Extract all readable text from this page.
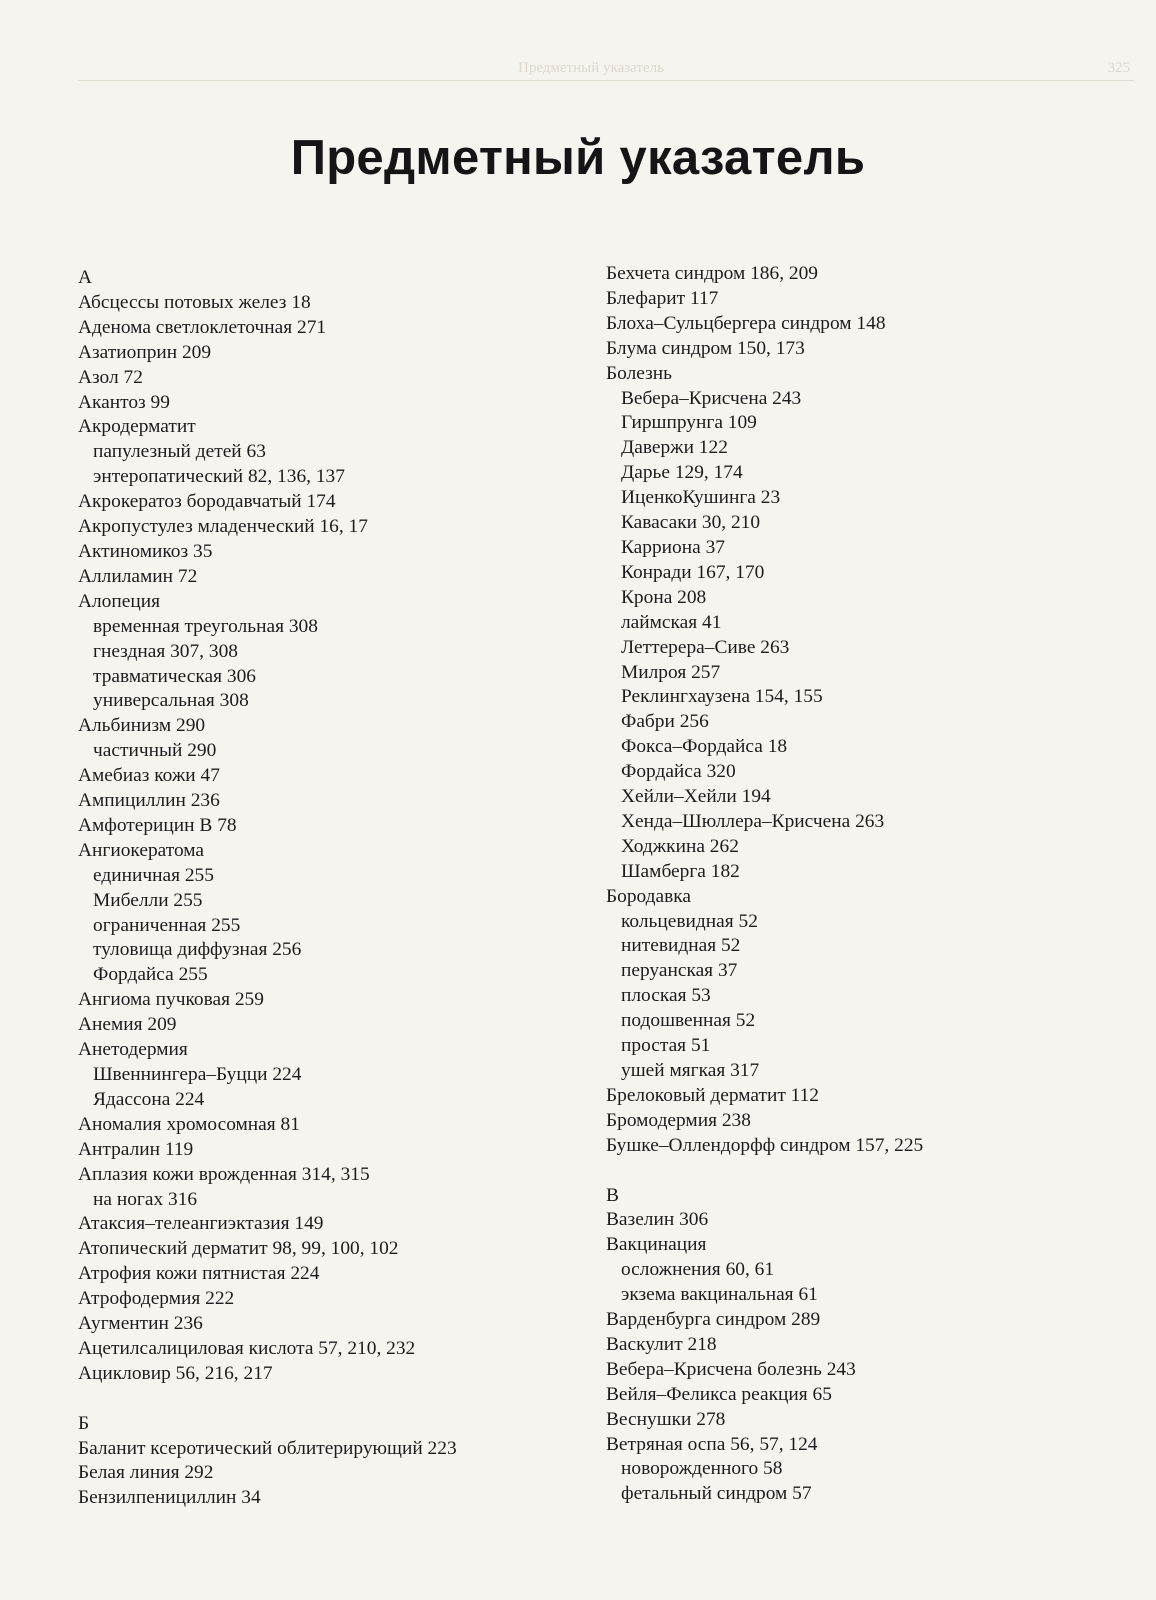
Предметный указатель	325
Предметный указатель
А
Абсцессы потовых желез 18
Аденома светлоклеточная 271
Азатиоприн 209
Азол 72
Акантоз 99
Акродерматит
папулезный детей 63
энтеропатический 82, 136, 137
Акрокератоз бородавчатый 174
Акропустулез младенческий 16, 17
Актиномикоз 35
Аллиламин 72
Алопеция
временная треугольная 308
гнездная 307, 308
травматическая 306
универсальная 308
Альбинизм 290
частичный 290
Амебиаз кожи 47
Ампициллин 236
Амфотерицин В 78
Ангиокератома
единичная 255
Мибелли 255
ограниченная 255
туловища диффузная 256
Фордайса 255
Ангиома пучковая 259
Анемия 209
Анетодермия
Швеннингера–Буцци 224
Ядассона 224
Аномалия хромосомная 81
Антралин 119
Аплазия кожи врожденная 314, 315
на ногах 316
Атаксия–телеангиэктазия 149
Атопический дерматит 98, 99, 100, 102
Атрофия кожи пятнистая 224
Атрофодермия 222
Аугментин 236
Ацетилсалициловая кислота 57, 210, 232
Ацикловир 56, 216, 217
Б
Баланит ксеротический облитерирующий 223
Белая линия 292
Бензилпенициллин 34
Бехчета синдром 186, 209
Блефарит 117
Блоха–Сульцбергера синдром 148
Блума синдром 150, 173
Болезнь
Вебера–Крисчена 243
Гиршпрунга 109
Давержи 122
Дарье 129, 174
ИценкоКушинга 23
Кавасаки 30, 210
Карриона 37
Конради 167, 170
Крона 208
лаймская 41
Леттерера–Сиве 263
Милроя 257
Реклингхаузена 154, 155
Фабри 256
Фокса–Фордайса 18
Фордайса 320
Хейли–Хейли 194
Хенда–Шюллера–Крисчена 263
Ходжкина 262
Шамберга 182
Бородавка
кольцевидная 52
нитевидная 52
перуанская 37
плоская 53
подошвенная 52
простая 51
ушей мягкая 317
Брелоковый дерматит 112
Бромодермия 238
Бушке–Оллендорфф синдром 157, 225
В
Вазелин 306
Вакцинация
осложнения 60, 61
экзема вакцинальная 61
Варденбурга синдром 289
Васкулит 218
Вебера–Крисчена болезнь 243
Вейля–Феликса реакция 65
Веснушки 278
Ветряная оспа 56, 57, 124
новорожденного 58
фетальный синдром 57
